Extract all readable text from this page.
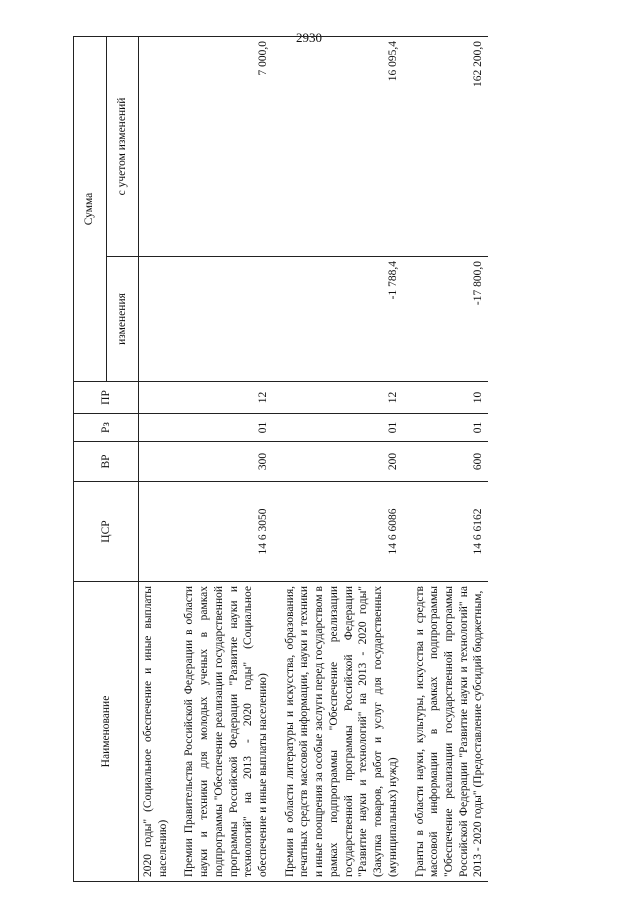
2930
Наименование	ЦСР	ВР	Рз	ПР	Сумма	
					изменения	с учетом изменений
2020 годы" (Социальное обеспечение и иные выплаты населению)						
Премии Правительства Российской Федерации в области науки и техники для молодых ученых в рамках подпрограммы "Обеспечение реализации государственной программы Российской Федерации "Развитие науки и технологий" на 2013 - 2020 годы" (Социальное обеспечение и иные выплаты населению)	14 6 3050	300	01	12		7 000,0
Премии в области литературы и искусства, образования, печатных средств массовой информации, науки и техники и иные поощрения за особые заслуги перед государством в рамках подпрограммы "Обеспечение реализации государственной программы Российской Федерации "Развитие науки и технологий" на 2013 - 2020 годы" (Закупка товаров, работ и услуг для государственных (муниципальных) нужд)	14 6 6086	200	01	12	-1 788,4	16 095,4
Гранты в области науки, культуры, искусства и средств массовой информации в рамках подпрограммы "Обеспечение реализации государственной программы Российской Федерации "Развитие науки и технологий" на 2013 - 2020 годы" (Предоставление субсидий бюджетным,	14 6 6162	600	01	10	-17 800,0	162 200,0
